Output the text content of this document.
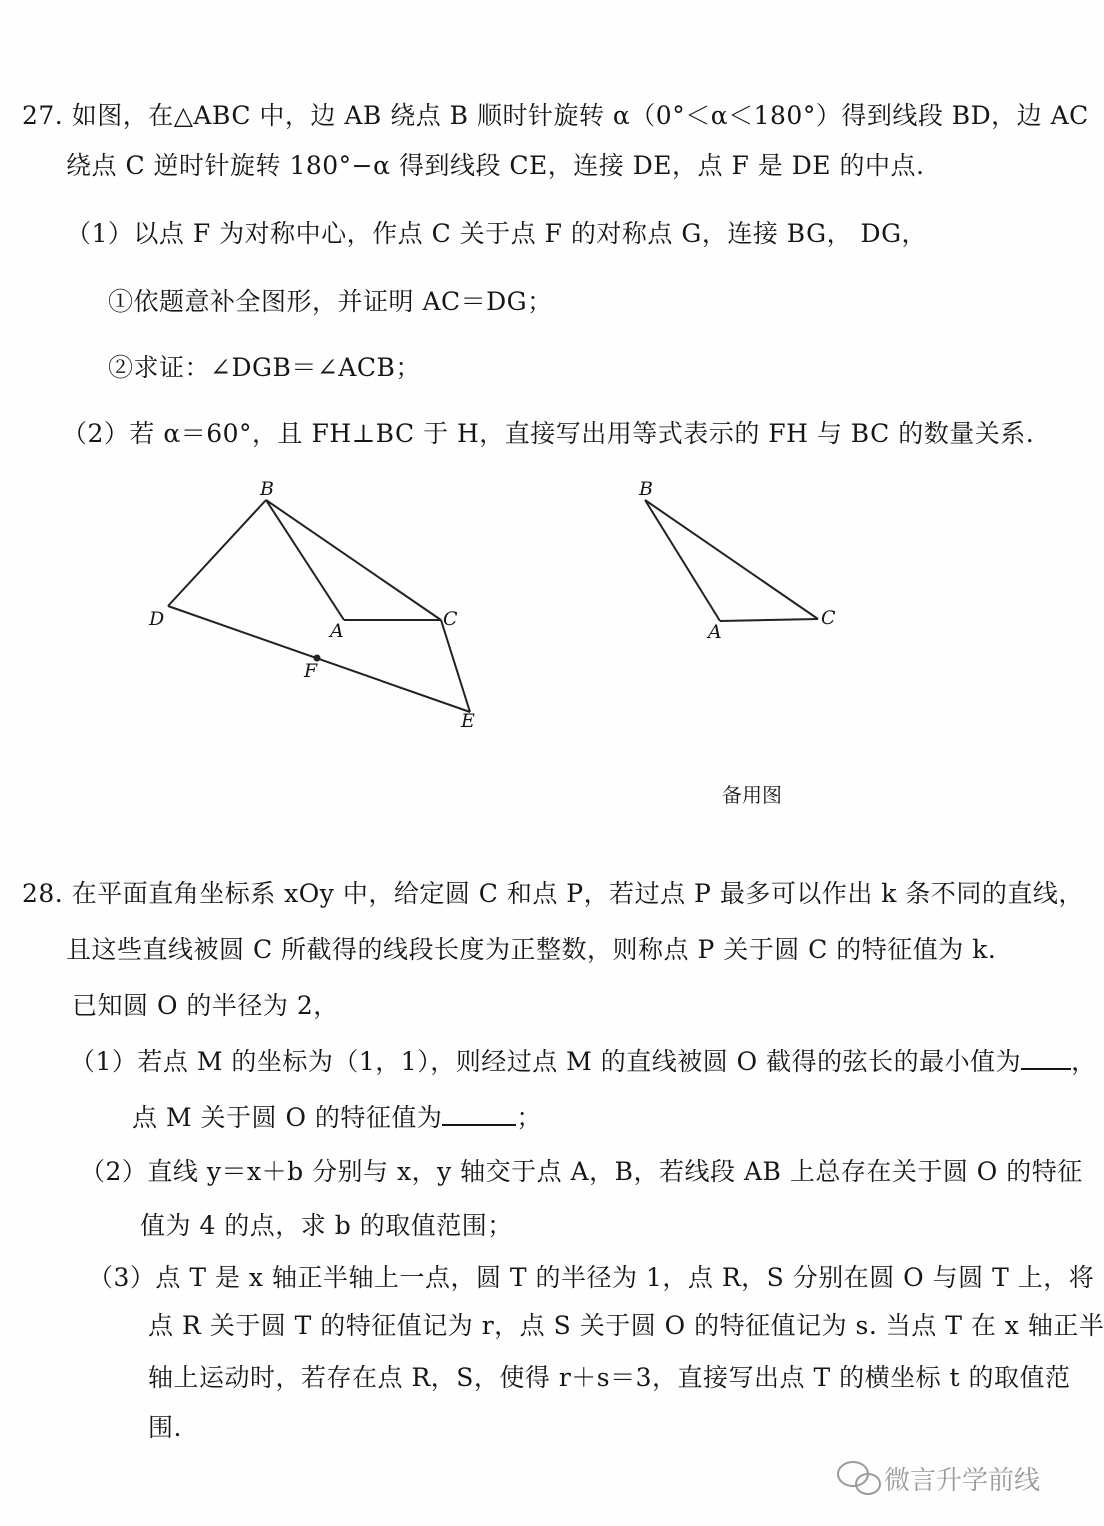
27. 如图，在△ABC 中，边 AB 绕点 B 顺时针旋转 α（0°＜α＜180°）得到线段 BD，边 AC
绕点 C 逆时针旋转 180°−α 得到线段 CE，连接 DE，点 F 是 DE 的中点.
（1）以点 F 为对称中心，作点 C 关于点 F 的对称点 G，连接 BG， DG，
①依题意补全图形，并证明 AC＝DG；
②求证：∠DGB＝∠ACB；
（2）若 α＝60°，且 FH⊥BC 于 H，直接写出用等式表示的 FH 与 BC 的数量关系.
B
D
A
C
F
E
B
A
C
备用图
28. 在平面直角坐标系 xOy 中，给定圆 C 和点 P，若过点 P 最多可以作出 k 条不同的直线，
且这些直线被圆 C 所截得的线段长度为正整数，则称点 P 关于圆 C 的特征值为 k.
已知圆 O 的半径为 2，
（1）若点 M 的坐标为（1，1），则经过点 M 的直线被圆 O 截得的弦长的最小值为 ，
点 M 关于圆 O 的特征值为	；
（2）直线 y＝x＋b 分别与 x，y 轴交于点 A，B，若线段 AB 上总存在关于圆 O 的特征
值为 4 的点，求 b 的取值范围；
（3）点 T 是 x 轴正半轴上一点，圆 T 的半径为 1，点 R，S 分别在圆 O 与圆 T 上，将
点 R 关于圆 T 的特征值记为 r，点 S 关于圆 O 的特征值记为 s. 当点 T 在 x 轴正半
轴上运动时，若存在点 R，S，使得 r＋s＝3，直接写出点 T 的横坐标 t 的取值范
围.
微言升学前线
